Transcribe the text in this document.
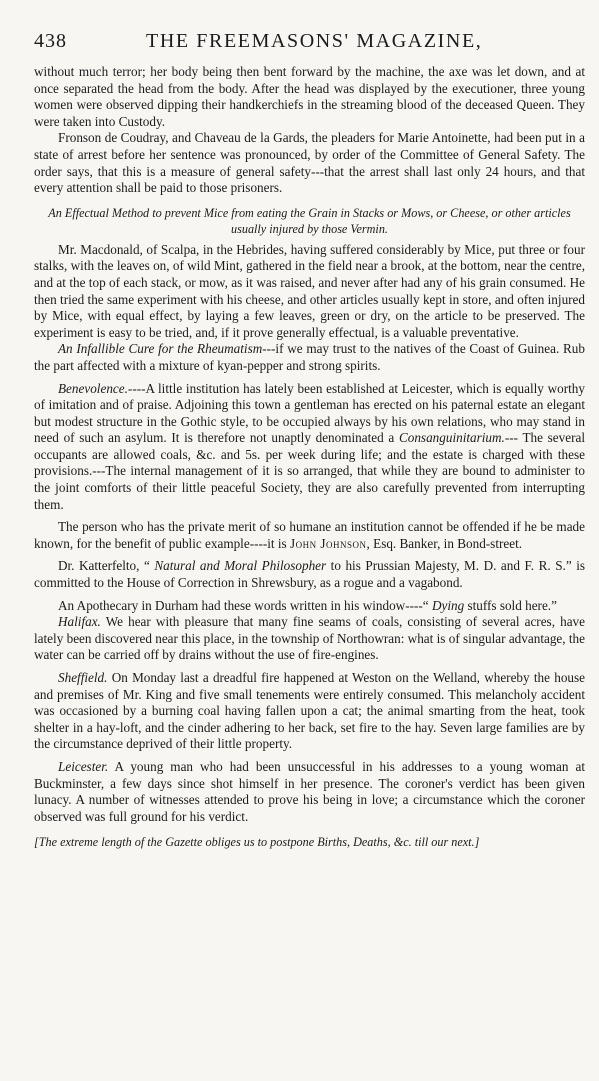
438	THE FREEMASONS' MAGAZINE,

without much terror; her body being then bent forward by the machine, the axe was let down, and at once separated the head from the body. After the head was displayed by the executioner, three young women were observed dipping their handkerchiefs in the streaming blood of the deceased Queen. They were taken into Custody.

Fronson de Coudray, and Chaveau de la Gards, the pleaders for Marie Antoinette, had been put in a state of arrest before her sentence was pronounced, by order of the Committee of General Safety. The order says, that this is a measure of general safety---that the arrest shall last only 24 hours, and that every attention shall be paid to those prisoners.

An Effectual Method to prevent Mice from eating the Grain in Stacks or Mows, or Cheese, or other articles usually injured by those Vermin.

Mr. Macdonald, of Scalpa, in the Hebrides, having suffered considerably by Mice, put three or four stalks, with the leaves on, of wild Mint, gathered in the field near a brook, at the bottom, near the centre, and at the top of each stack, or mow, as it was raised, and never after had any of his grain consumed. He then tried the same experiment with his cheese, and other articles usually kept in store, and often injured by Mice, with equal effect, by laying a few leaves, green or dry, on the article to be preserved. The experiment is easy to be tried, and, if it prove generally effectual, is a valuable preventative.

An Infallible Cure for the Rheumatism---if we may trust to the natives of the Coast of Guinea. Rub the part affected with a mixture of kyan-pepper and strong spirits.

Benevolence.----A little institution has lately been established at Leicester, which is equally worthy of imitation and of praise. Adjoining this town a gentleman has erected on his paternal estate an elegant but modest structure in the Gothic style, to be occupied always by his own relations, who may stand in need of such an asylum. It is therefore not unaptly denominated a Consanguinitarium.--- The several occupants are allowed coals, &c. and 5s. per week during life; and the estate is charged with these provisions.---The internal management of it is so arranged, that while they are bound to administer to the joint comforts of their little peaceful Society, they are also carefully prevented from interrupting them.

The person who has the private merit of so humane an institution cannot be offended if he be made known, for the benefit of public example----it is John Johnson, Esq. Banker, in Bond-street.

Dr. Katterfelto, “ Natural and Moral Philosopher to his Prussian Majesty, M. D. and F. R. S.” is committed to the House of Correction in Shrewsbury, as a rogue and a vagabond.

An Apothecary in Durham had these words written in his window----“ Dying stuffs sold here.”

Halifax. We hear with pleasure that many fine seams of coals, consisting of several acres, have lately been discovered near this place, in the township of Northowran: what is of singular advantage, the water can be carried off by drains without the use of fire-engines.

Sheffield. On Monday last a dreadful fire happened at Weston on the Welland, whereby the house and premises of Mr. King and five small tenements were entirely consumed. This melancholy accident was occasioned by a burning coal having fallen upon a cat; the animal smarting from the heat, took shelter in a hay-loft, and the cinder adhering to her back, set fire to the hay. Seven large families are by the circumstance deprived of their little property.

Leicester. A young man who had been unsuccessful in his addresses to a young woman at Buckminster, a few days since shot himself in her presence. The coroner's verdict has been given lunacy. A number of witnesses attended to prove his being in love; a circumstance which the coroner observed was full ground for his verdict.

[The extreme length of the Gazette obliges us to postpone Births, Deaths, &c. till our next.]
